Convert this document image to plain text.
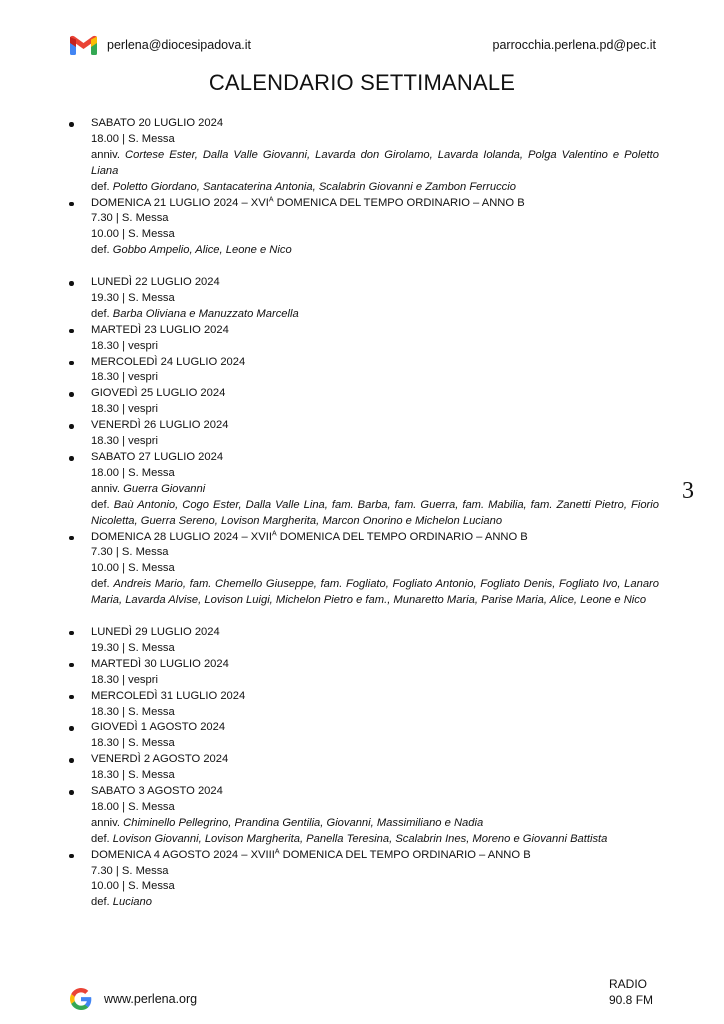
perlena@diocesipadova.it	parrocchia.perlena.pd@pec.it
CALENDARIO SETTIMANALE
SABATO 20 LUGLIO 2024
18.00 | S. Messa
anniv. Cortese Ester, Dalla Valle Giovanni, Lavarda don Girolamo, Lavarda Iolanda, Polga Valentino e Poletto Liana
def. Poletto Giordano, Santacaterina Antonia, Scalabrin Giovanni e Zambon Ferruccio
DOMENICA 21 LUGLIO $2024 - XVI^A$ DOMENICA DEL TEMPO ORDINARIO – ANNO B
7.30 | S. Messa
10.00 | S. Messa
def. Gobbo Ampelio, Alice, Leone e Nico
LUNEDÌ 22 LUGLIO 2024
19.30 | S. Messa
def. Barba Oliviana e Manuzzato Marcella
MARTEDÌ 23 LUGLIO 2024
18.30 | vespri
MERCOLEDÌ 24 LUGLIO 2024
18.30 | vespri
GIOVEDÌ 25 LUGLIO 2024
18.30 | vespri
VENERDÌ 26 LUGLIO 2024
18.30 | vespri
SABATO 27 LUGLIO 2024
18.00 | S. Messa
anniv. Guerra Giovanni
def. Baù Antonio, Cogo Ester, Dalla Valle Lina, fam. Barba, fam. Guerra, fam. Mabilia, fam. Zanetti Pietro, Fiorio Nicoletta, Guerra Sereno, Lovison Margherita, Marcon Onorino e Michelon Luciano
DOMENICA 28 LUGLIO $2024 - XVII^A$ DOMENICA DEL TEMPO ORDINARIO – ANNO B
7.30 | S. Messa
10.00 | S. Messa
def. Andreis Mario, fam. Chemello Giuseppe, fam. Fogliato, Fogliato Antonio, Fogliato Denis, Fogliato Ivo, Lanaro Maria, Lavarda Alvise, Lovison Luigi, Michelon Pietro e fam., Munaretto Maria, Parise Maria, Alice, Leone e Nico
LUNEDÌ 29 LUGLIO 2024
19.30 | S. Messa
MARTEDÌ 30 LUGLIO 2024
18.30 | vespri
MERCOLEDÌ 31 LUGLIO 2024
18.30 | S. Messa
GIOVEDÌ 1 AGOSTO 2024
18.30 | S. Messa
VENERDÌ 2 AGOSTO 2024
18.30 | S. Messa
SABATO 3 AGOSTO 2024
18.00 | S. Messa
anniv. Chiminello Pellegrino, Prandina Gentilia, Giovanni, Massimiliano e Nadia
def. Lovison Giovanni, Lovison Margherita, Panella Teresina, Scalabrin Ines, Moreno e Giovanni Battista
DOMENICA 4 AGOSTO $2024 - XVIII^A$ DOMENICA DEL TEMPO ORDINARIO – ANNO B
7.30 | S. Messa
10.00 | S. Messa
def. Luciano
3
www.perlena.org
RADIO
90.8 FM
